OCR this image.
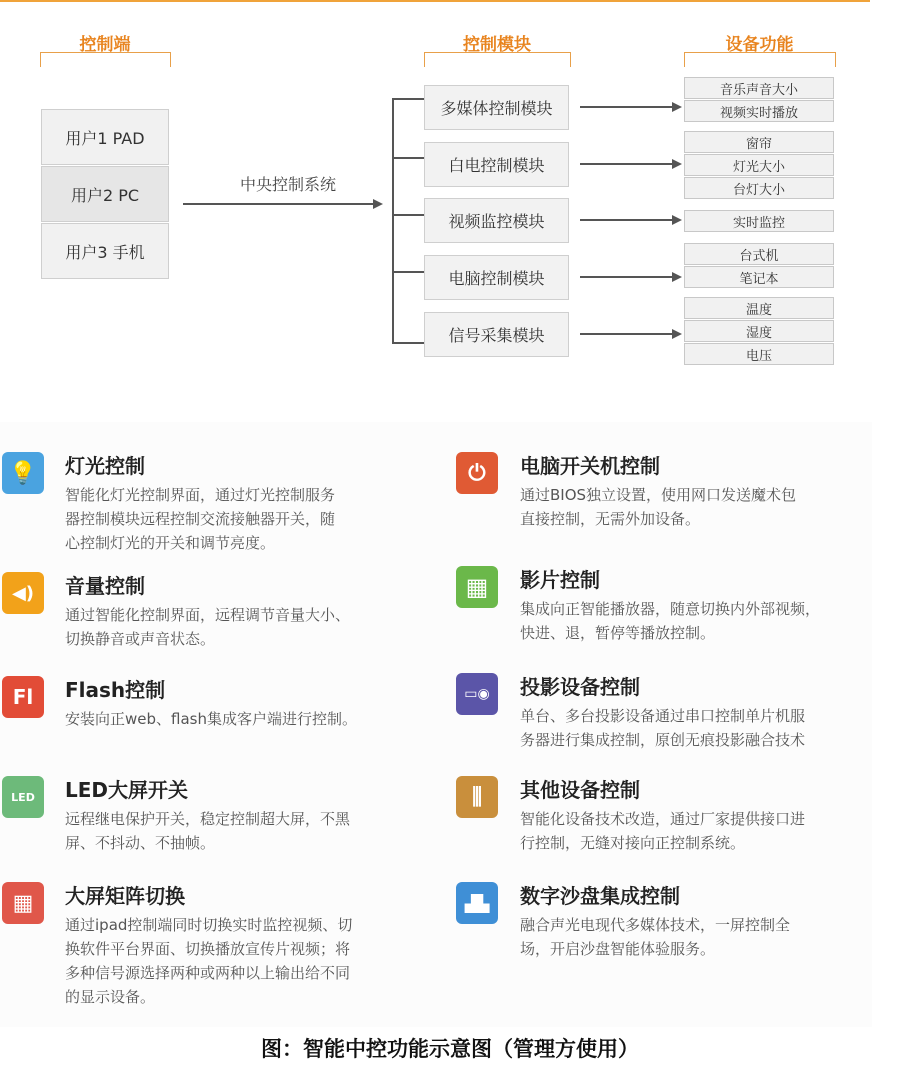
控制端	控制模块	设备功能
用户1 PAD
用户2 PC
用户3 手机
中央控制系统
多媒体控制模块
白电控制模块
视频监控模块
电脑控制模块
信号采集模块
音乐声音大小
视频实时播放
窗帘
灯光大小
台灯大小
实时监控
台式机
笔记本
温度
湿度
电压
💡	灯光控制
智能化灯光控制界面，通过灯光控制服务
器控制模块远程控制交流接触器开关，随
心控制灯光的开关和调节亮度。
◀)	音量控制
通过智能化控制界面，远程调节音量大小、
切换静音或声音状态。
Fl	Flash控制
安装向正web、flash集成客户端进行控制。
LED	LED大屏开关
远程继电保护开关，稳定控制超大屏，不黑
屏、不抖动、不抽帧。
▦	大屏矩阵切换
通过ipad控制端同时切换实时监控视频、切
换软件平台界面、切换播放宣传片视频；将
多种信号源选择两种或两种以上输出给不同
的显示设备。
⏻	电脑开关机控制
通过BIOS独立设置，使用网口发送魔术包
直接控制，无需外加设备。
▦	影片控制
集成向正智能播放器，随意切换内外部视频，
快进、退，暂停等播放控制。
▭◉	投影设备控制
单台、多台投影设备通过串口控制单片机服
务器进行集成控制，原创无痕投影融合技术
⫼	其他设备控制
智能化设备技术改造，通过厂家提供接口进
行控制，无缝对接向正控制系统。
▟▙	数字沙盘集成控制
融合声光电现代多媒体技术，一屏控制全
场，开启沙盘智能体验服务。
图：智能中控功能示意图（管理方使用）
